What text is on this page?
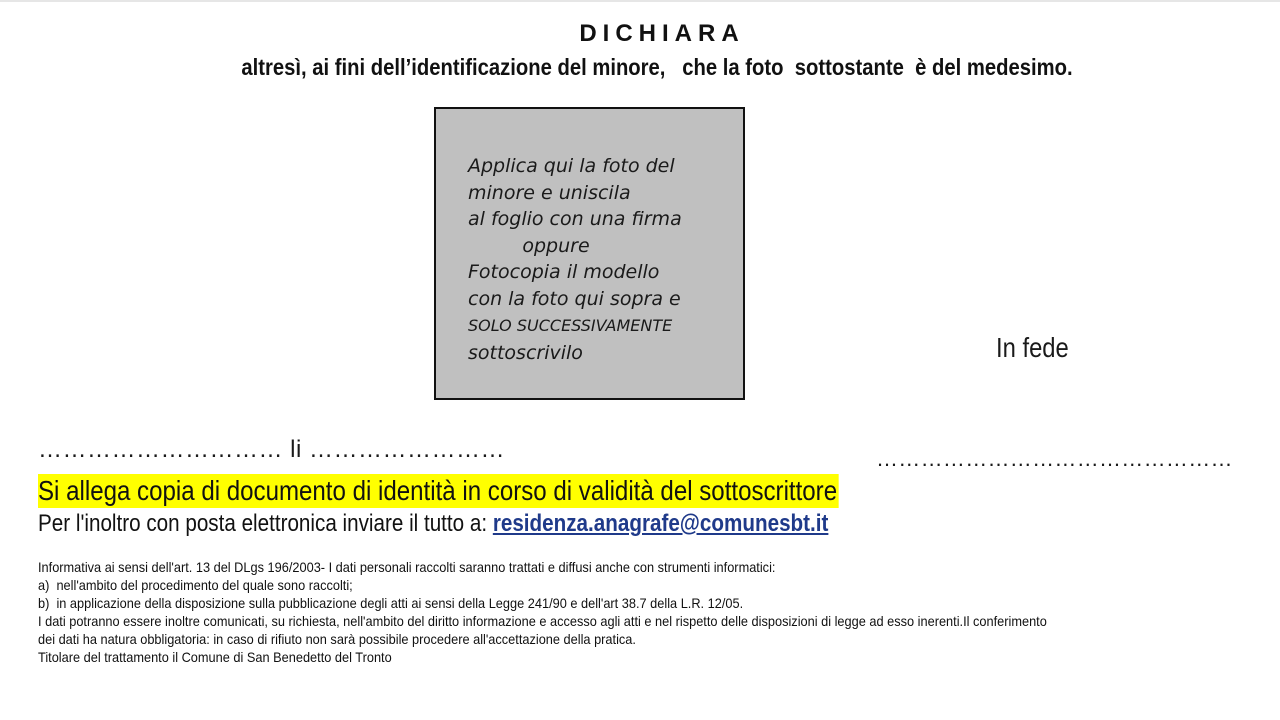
DICHIARA
altresì, ai fini dell’identificazione del minore,   che la foto  sottostante  è del medesimo.

Applica qui la foto del
minore e uniscila
al foglio con una firma
oppure
Fotocopia il modello
con la foto qui sopra e
SOLO SUCCESSIVAMENTE
sottoscrivilo	In fede
………………………… li ……………………	…………………………………………
Si allega copia di documento di identità in corso di validità del sottoscrittore
Per l'inoltro con posta elettronica inviare il tutto a: residenza.anagrafe@comunesbt.it

Informativa ai sensi dell'art. 13 del DLgs 196/2003- I dati personali raccolti saranno trattati e diffusi anche con strumenti informatici:

a)  nell'ambito del procedimento del quale sono raccolti;

b)  in applicazione della disposizione sulla pubblicazione degli atti ai sensi della Legge 241/90 e dell'art 38.7 della L.R. 12/05.

I dati potranno essere inoltre comunicati, su richiesta, nell'ambito del diritto informazione e accesso agli atti e nel rispetto delle disposizioni di legge ad esso inerenti.Il conferimento

dei dati ha natura obbligatoria: in caso di rifiuto non sarà possibile procedere all'accettazione della pratica.

Titolare del trattamento il Comune di San Benedetto del Tronto
